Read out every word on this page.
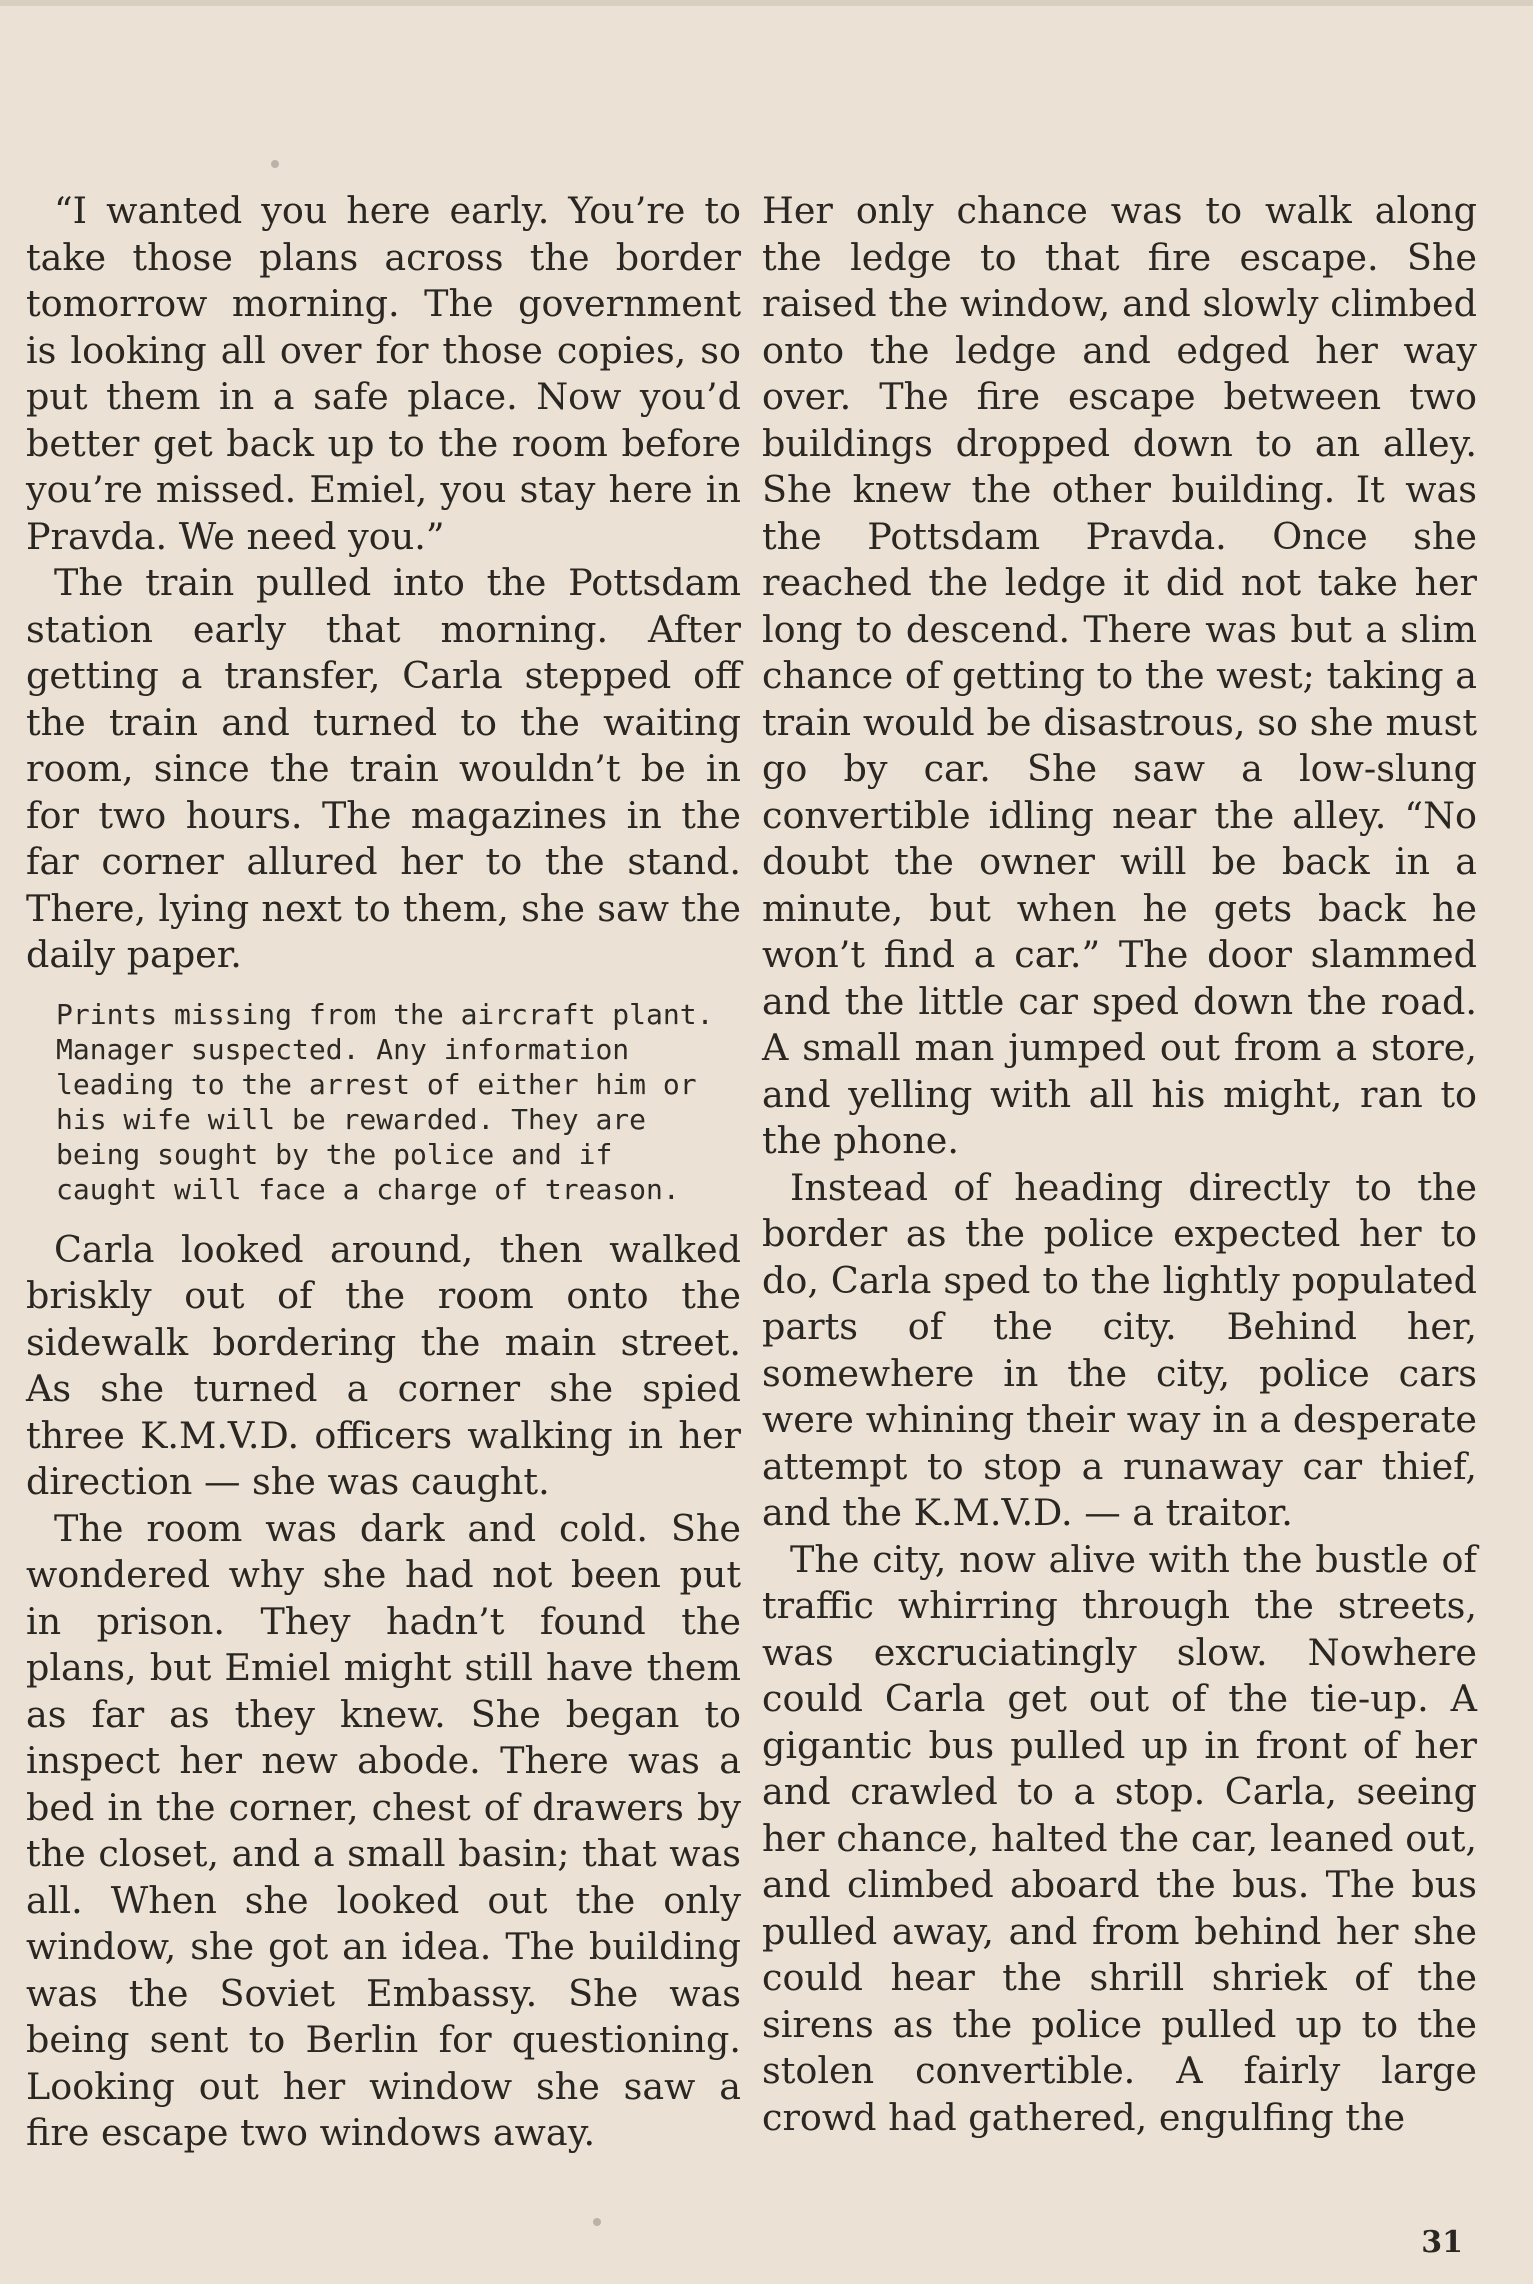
“I wanted you here early. You’re to take those plans across the border tomorrow morning. The government is looking all over for those copies, so put them in a safe place. Now you’d better get back up to the room before you’re missed. Emiel, you stay here in Pravda. We need you.”

The train pulled into the Pottsdam station early that morning. After getting a transfer, Carla stepped off the train and turned to the waiting room, since the train wouldn’t be in for two hours. The magazines in the far corner allured her to the stand. There, lying next to them, she saw the daily paper.

Prints missing from the aircraft plant. Manager suspected. Any information leading to the arrest of either him or his wife will be rewarded. They are being sought by the police and if caught will face a charge of treason.

Carla looked around, then walked briskly out of the room onto the sidewalk bordering the main street. As she turned a corner she spied three K.M.V.D. officers walking in her direction — she was caught.

The room was dark and cold. She wondered why she had not been put in prison. They hadn’t found the plans, but Emiel might still have them as far as they knew. She began to inspect her new abode. There was a bed in the corner, chest of drawers by the closet, and a small basin; that was all. When she looked out the only window, she got an idea. The building was the Soviet Embassy. She was being sent to Berlin for questioning. Looking out her window she saw a fire escape two windows away.

Her only chance was to walk along the ledge to that fire escape. She raised the window, and slowly climbed onto the ledge and edged her way over. The fire escape between two buildings dropped down to an alley. She knew the other building. It was the Pottsdam Pravda. Once she reached the ledge it did not take her long to descend. There was but a slim chance of getting to the west; taking a train would be disastrous, so she must go by car. She saw a low-slung convertible idling near the alley. “No doubt the owner will be back in a minute, but when he gets back he won’t find a car.” The door slammed and the little car sped down the road. A small man jumped out from a store, and yelling with all his might, ran to the phone.

Instead of heading directly to the border as the police expected her to do, Carla sped to the lightly populated parts of the city. Behind her, somewhere in the city, police cars were whining their way in a desperate attempt to stop a runaway car thief, and the K.M.V.D. — a traitor.

The city, now alive with the bustle of traffic whirring through the streets, was excruciatingly slow. Nowhere could Carla get out of the tie-up. A gigantic bus pulled up in front of her and crawled to a stop. Carla, seeing her chance, halted the car, leaned out, and climbed aboard the bus. The bus pulled away, and from behind her she could hear the shrill shriek of the sirens as the police pulled up to the stolen convertible. A fairly large crowd had gathered, engulfing the

31
